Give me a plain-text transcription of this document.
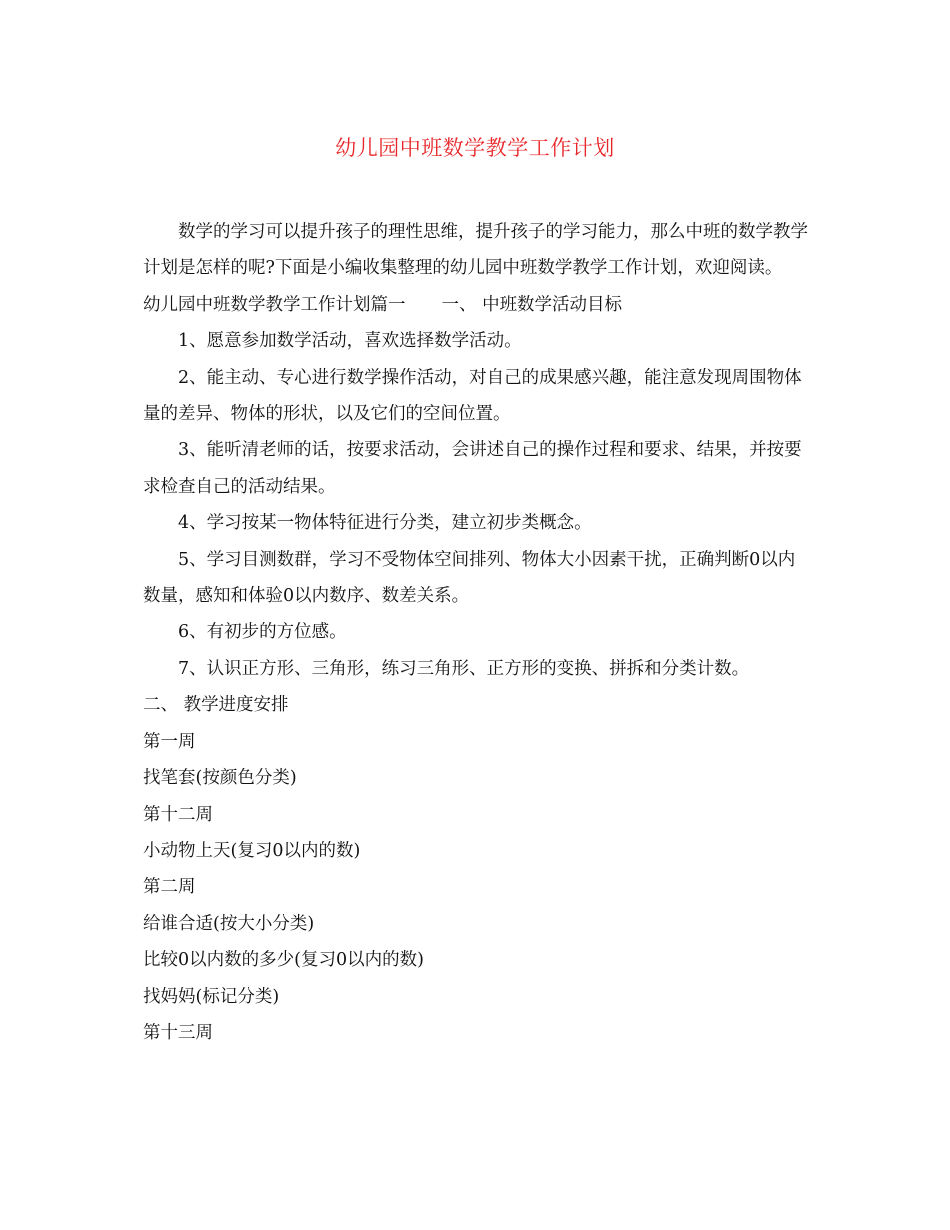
幼儿园中班数学教学工作计划

数学的学习可以提升孩子的理性思维，提升孩子的学习能力，那么中班的数学教学计划是怎样的呢?下面是小编收集整理的幼儿园中班数学教学工作计划，欢迎阅读。

幼儿园中班数学教学工作计划篇一 一、 中班数学活动目标

1、愿意参加数学活动，喜欢选择数学活动。

2、能主动、专心进行数学操作活动，对自己的成果感兴趣，能注意发现周围物体量的差异、物体的形状，以及它们的空间位置。

3、能听清老师的话，按要求活动，会讲述自己的操作过程和要求、结果，并按要求检查自己的活动结果。

4、学习按某一物体特征进行分类，建立初步类概念。

5、学习目测数群，学习不受物体空间排列、物体大小因素干扰，正确判断0以内数量，感知和体验0以内数序、数差关系。

6、有初步的方位感。

7、认识正方形、三角形，练习三角形、正方形的变换、拼拆和分类计数。

二、 教学进度安排

第一周

找笔套(按颜色分类)

第十二周

小动物上天(复习0以内的数)

第二周

给谁合适(按大小分类)

比较0以内数的多少(复习0以内的数)

找妈妈(标记分类)

第十三周
